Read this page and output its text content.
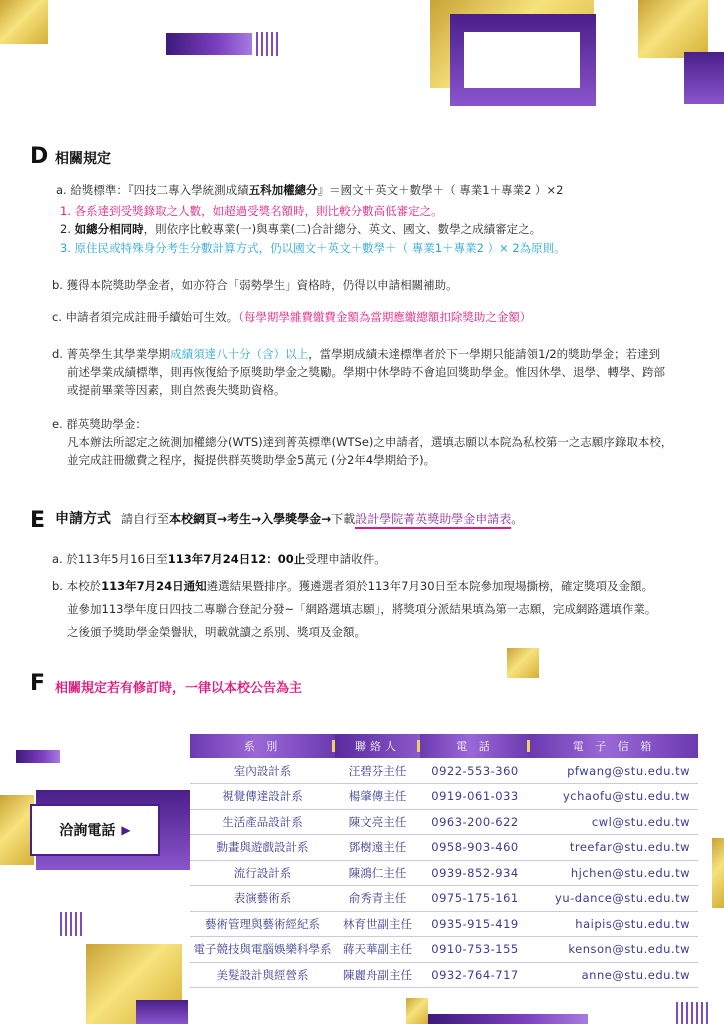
D 相關規定
a. 給獎標準：『四技二專入學統測成績五科加權總分』＝國文＋英文＋數學＋（ 專業1＋專業2 ）×2
1. 各系達到受獎錄取之人數，如超過受獎名額時，則比較分數高低審定之。
2. 如總分相同時，則依序比較專業(一)與專業(二)合計總分、英文、國文、數學之成績審定之。
3. 原住民或特殊身分考生分數計算方式，仍以國文＋英文＋數學＋（ 專業1＋專業2 ）× 2為原則。
b. 獲得本院獎助學金者，如亦符合「弱勢學生」資格時，仍得以申請相關補助。
c. 申請者須完成註冊手續始可生效。（每學期學雜費繳費金額為當期應繳總額扣除獎助之金額）
d. 菁英學生其學業學期成績須達八十分（含）以上，當學期成績未達標準者於下一學期只能請領1/2的獎助學金；若達到
前述學業成績標準，則再恢復給予原獎助學金之獎勵。學期中休學時不會追回獎助學金。惟因休學、退學、轉學、跨部
或提前畢業等因素，則自然喪失獎助資格。
e. 群英獎助學金：
凡本辦法所認定之統測加權總分(WTS)達到菁英標準(WTSe)之申請者，選填志願以本院為私校第一之志願序錄取本校，
並完成註冊繳費之程序，擬提供群英獎助學金5萬元 (分2年4學期給予)。
E 申請方式 請自行至本校網頁→考生→入學獎學金→下載設計學院菁英獎助學金申請表。
a. 於113年5月16日至113年7月24日12：00止受理申請收件。
b. 本校於113年7月24日通知遴選結果暨排序。獲遴選者須於113年7月30日至本院參加現場撕榜，確定獎項及金額。
並參加113學年度日四技二專聯合登記分發~「網路選填志願」，將獎項分派結果填為第一志願，完成網路選填作業。
之後頒予獎助學金榮譽狀，明載就讀之系別、獎項及金額。
F 相關規定若有修訂時，一律以本校公告為主
洽詢電話 ▶
系 別	聯絡人	電 話	電 子 信 箱
室內設計系	汪碧芬主任	0922-553-360	pfwang@stu.edu.tw
視覺傳達設計系	楊肇傳主任	0919-061-033	ychaofu@stu.edu.tw
生活產品設計系	陳文亮主任	0963-200-622	cwl@stu.edu.tw
動畫與遊戲設計系	鄧樹遠主任	0958-903-460	treefar@stu.edu.tw
流行設計系	陳鴻仁主任	0939-852-934	hjchen@stu.edu.tw
表演藝術系	俞秀青主任	0975-175-161	yu-dance@stu.edu.tw
藝術管理與藝術經紀系	林育世副主任	0935-915-419	haipis@stu.edu.tw
電子競技與電腦娛樂科學系	蔣天華副主任	0910-753-155	kenson@stu.edu.tw
美髮設計與經營系	陳麗舟副主任	0932-764-717	anne@stu.edu.tw
